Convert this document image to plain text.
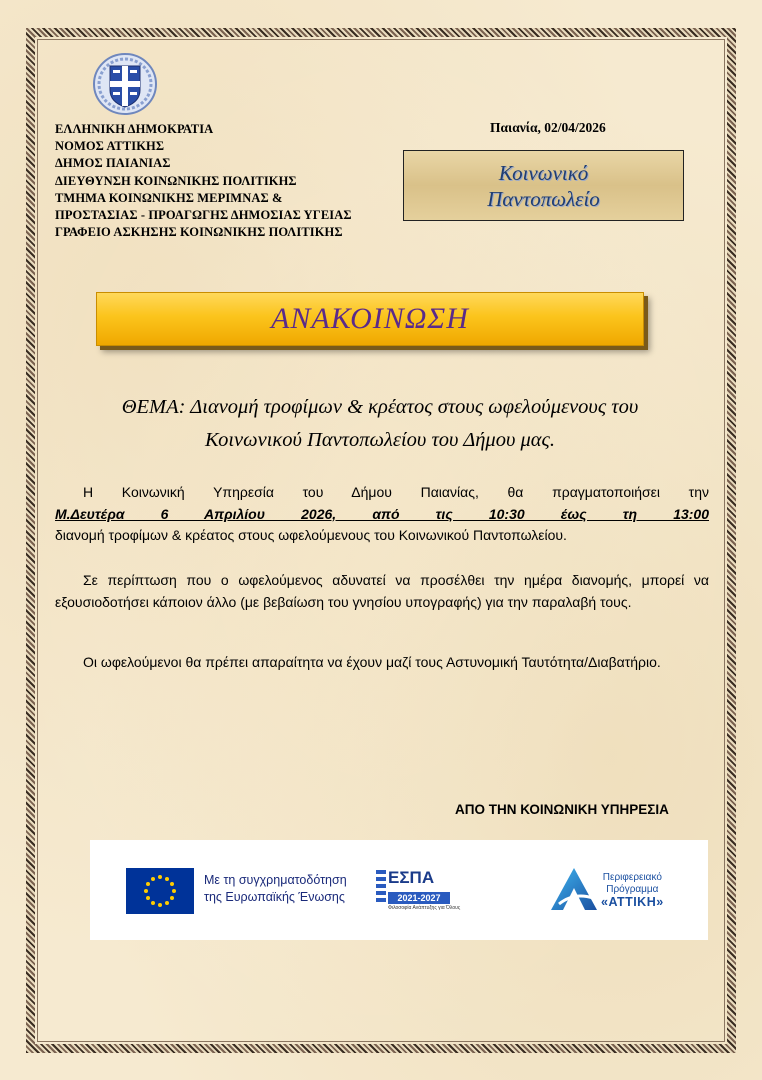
ΕΛΛΗΝΙΚΗ ΔΗΜΟΚΡΑΤΙΑ
ΝΟΜΟΣ ΑΤΤΙΚΗΣ
ΔΗΜΟΣ ΠΑΙΑΝΙΑΣ
ΔΙΕΥΘΥΝΣΗ ΚΟΙΝΩΝΙΚΗΣ ΠΟΛΙΤΙΚΗΣ
ΤΜΗΜΑ ΚΟΙΝΩΝΙΚΗΣ ΜΕΡΙΜΝΑΣ &
ΠΡΟΣΤΑΣΙΑΣ - ΠΡΟΑΓΩΓΗΣ ΔΗΜΟΣΙΑΣ ΥΓΕΙΑΣ
ΓΡΑΦΕΙΟ ΑΣΚΗΣΗΣ ΚΟΙΝΩΝΙΚΗΣ ΠΟΛΙΤΙΚΗΣ
Παιανία, 02/04/2026
Κοινωνικό
Παντοπωλείο
ΑΝΑΚΟΙΝΩΣΗ
ΘΕΜΑ: Διανομή τροφίμων & κρέατος στους ωφελούμενους του
Κοινωνικού Παντοπωλείου του Δήμου μας.
Η Κοινωνική Υπηρεσία του Δήμου Παιανίας, θα πραγματοποιήσει την
Μ.Δευτέρα 6 Απριλίου 2026, από τις 10:30 έως τη 13:00
διανομή τροφίμων & κρέατος στους ωφελούμενους του Κοινωνικού Παντοπωλείου.
Σε περίπτωση που ο ωφελούμενος αδυνατεί να προσέλθει την ημέρα διανομής, μπορεί να εξουσιοδοτήσει κάποιον άλλο (με βεβαίωση του γνησίου υπογραφής) για την παραλαβή τους.
Οι ωφελούμενοι θα πρέπει απαραίτητα να έχουν μαζί τους Αστυνομική Ταυτότητα/Διαβατήριο.
ΑΠΟ ΤΗΝ ΚΟΙΝΩΝΙΚΗ ΥΠΗΡΕΣΙΑ
Με τη συγχρηματοδότηση
της Ευρωπαϊκής Ένωσης
ΕΣΠΑ
2021-2027
Φιλοσοφία Ανάπτυξης για Όλους
Περιφερειακό
Πρόγραμμα
«ΑΤΤΙΚΗ»
